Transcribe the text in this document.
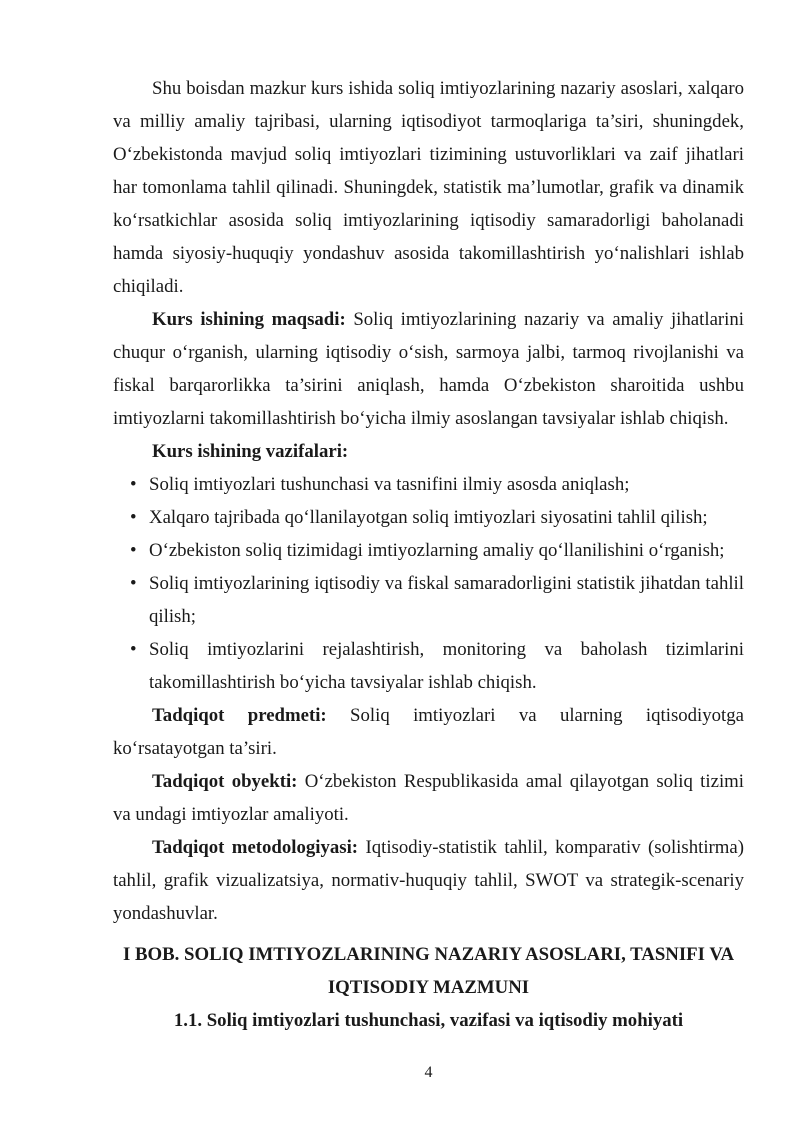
Shu boisdan mazkur kurs ishida soliq imtiyozlarining nazariy asoslari, xalqaro va milliy amaliy tajribasi, ularning iqtisodiyot tarmoqlariga ta’siri, shuningdek, O‘zbekistonda mavjud soliq imtiyozlari tizimining ustuvorliklari va zaif jihatlari har tomonlama tahlil qilinadi. Shuningdek, statistik ma’lumotlar, grafik va dinamik ko‘rsatkichlar asosida soliq imtiyozlarining iqtisodiy samaradorligi baholanadi hamda siyosiy-huquqiy yondashuv asosida takomillashtirish yo‘nalishlari ishlab chiqiladi.

Kurs ishining maqsadi: Soliq imtiyozlarining nazariy va amaliy jihatlarini chuqur o‘rganish, ularning iqtisodiy o‘sish, sarmoya jalbi, tarmoq rivojlanishi va fiskal barqarorlikka ta’sirini aniqlash, hamda O‘zbekiston sharoitida ushbu imtiyozlarni takomillashtirish bo‘yicha ilmiy asoslangan tavsiyalar ishlab chiqish.

Kurs ishining vazifalari:

• Soliq imtiyozlari tushunchasi va tasnifini ilmiy asosda aniqlash;
• Xalqaro tajribada qo‘llanilayotgan soliq imtiyozlari siyosatini tahlil qilish;
• O‘zbekiston soliq tizimidagi imtiyozlarning amaliy qo‘llanilishini o‘rganish;
• Soliq imtiyozlarining iqtisodiy va fiskal samaradorligini statistik jihatdan tahlil qilish;
• Soliq imtiyozlarini rejalashtirish, monitoring va baholash tizimlarini takomillashtirish bo‘yicha tavsiyalar ishlab chiqish.

Tadqiqot predmeti: Soliq imtiyozlari va ularning iqtisodiyotga ko‘rsatayotgan ta’siri.

Tadqiqot obyekti: O‘zbekiston Respublikasida amal qilayotgan soliq tizimi va undagi imtiyozlar amaliyoti.

Tadqiqot metodologiyasi: Iqtisodiy-statistik tahlil, komparativ (solishtirma) tahlil, grafik vizualizatsiya, normativ-huquqiy tahlil, SWOT va strategik-scenariy yondashuvlar.

I BOB. SOLIQ IMTIYOZLARINING NAZARIY ASOSLARI, TASNIFI VA IQTISODIY MAZMUNI

1.1. Soliq imtiyozlari tushunchasi, vazifasi va iqtisodiy mohiyati

4
